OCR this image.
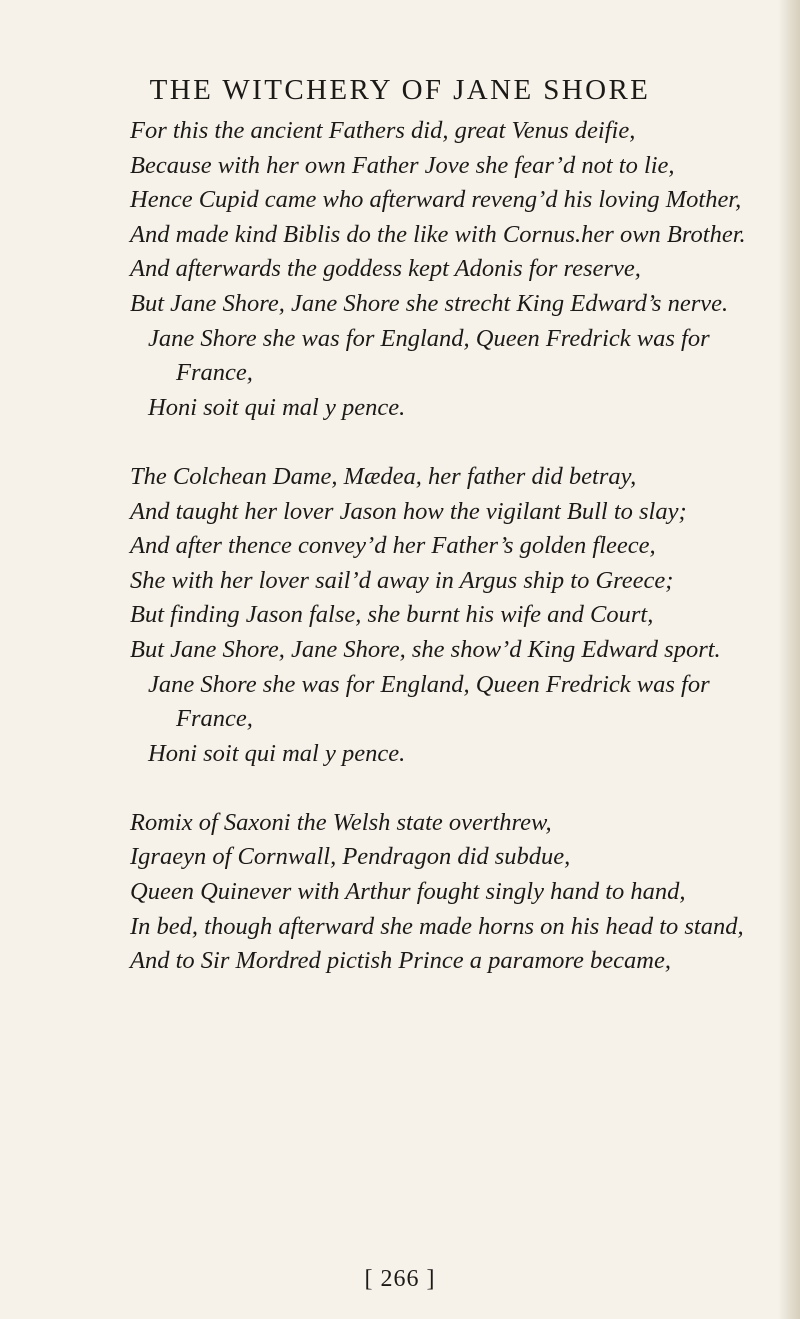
THE WITCHERY OF JANE SHORE

For this the ancient Fathers did, great Venus deifie,

Because with her own Father Jove she fear’d not to lie,

Hence Cupid came who afterward reveng’d his loving Mother,

And made kind Biblis do the like with Cornus.her own Brother.

And afterwards the goddess kept Adonis for reserve,

But Jane Shore, Jane Shore she strecht King Edward’s nerve.

Jane Shore she was for England, Queen Fredrick was for France,

Honi soit qui mal y pence.

The Colchean Dame, Mædea, her father did betray,

And taught her lover Jason how the vigilant Bull to slay;

And after thence convey’d her Father’s golden fleece,

She with her lover sail’d away in Argus ship to Greece;

But finding Jason false, she burnt his wife and Court,

But Jane Shore, Jane Shore, she show’d King Edward sport.

Jane Shore she was for England, Queen Fredrick was for France,

Honi soit qui mal y pence.

Romix of Saxoni the Welsh state overthrew,

Igraeyn of Cornwall, Pendragon did subdue,

Queen Quinever with Arthur fought singly hand to hand,

In bed, though afterward she made horns on his head to stand,

And to Sir Mordred pictish Prince a paramore became,

[ 266 ]
